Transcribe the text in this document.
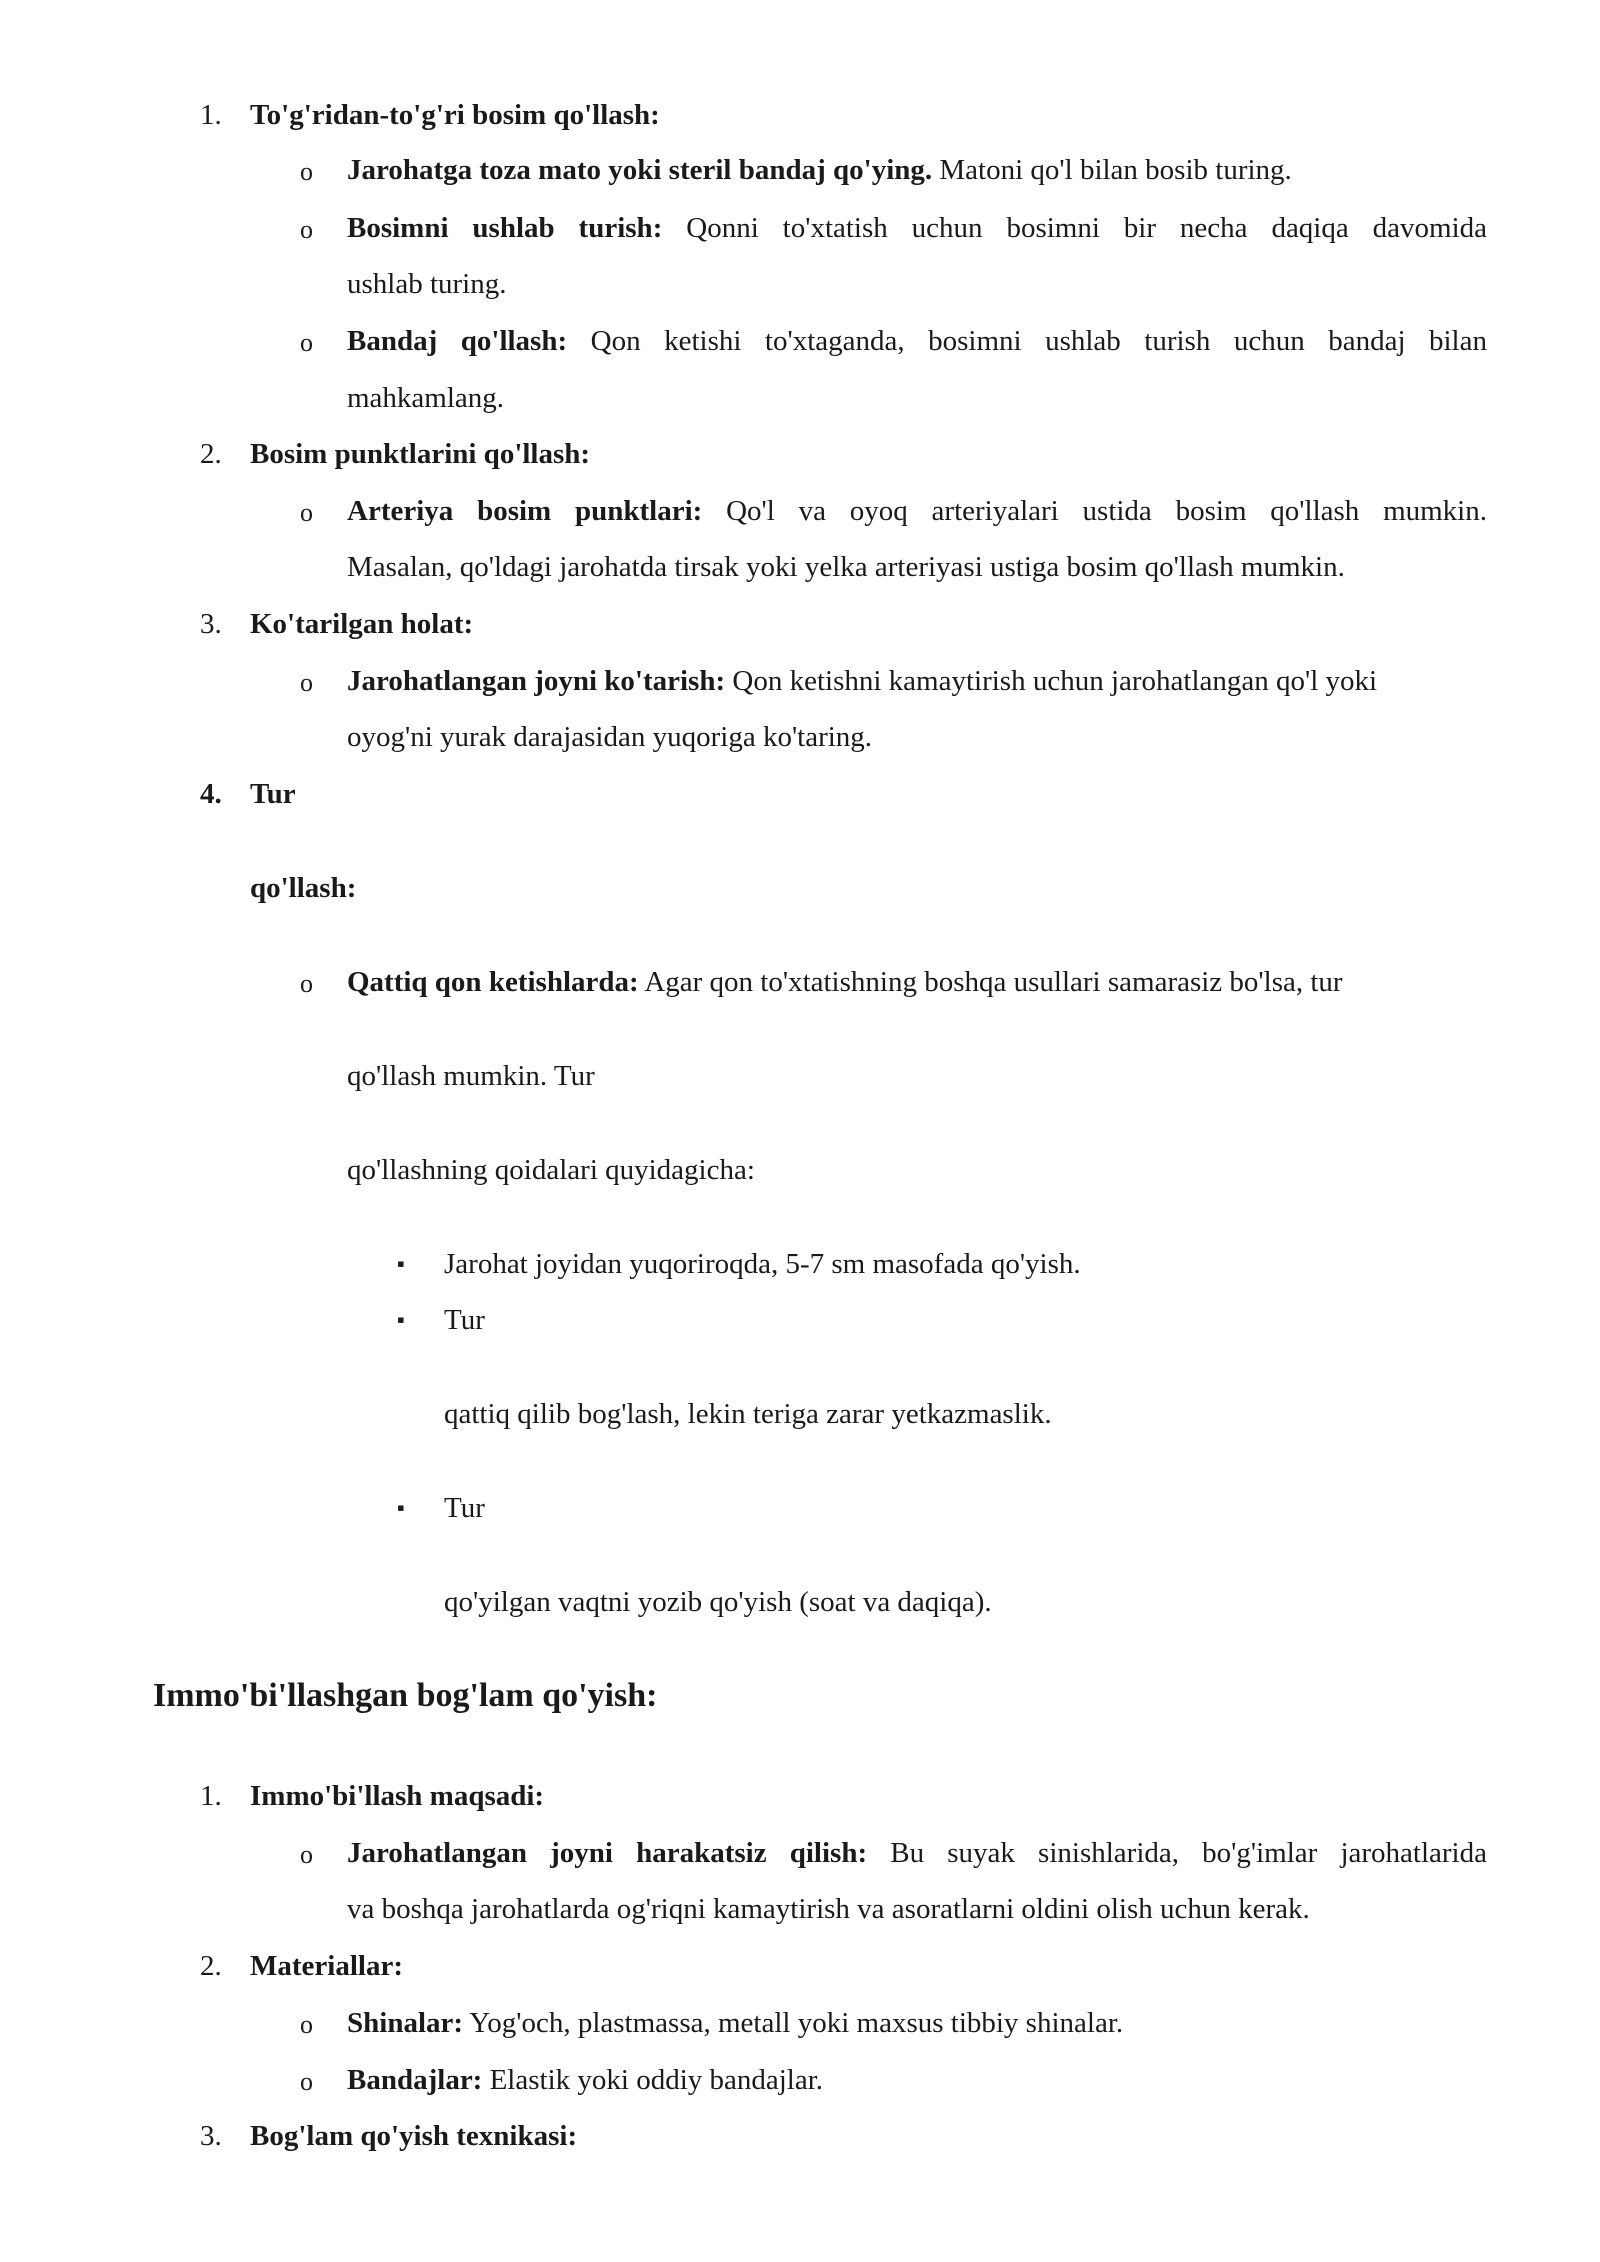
1. To'g'ridan-to'g'ri bosim qo'llash:
o Jarohatga toza mato yoki steril bandaj qo'ying. Matoni qo'l bilan bosib turing.
o Bosimni ushlab turish: Qonni to'xtatish uchun bosimni bir necha daqiqa davomida
ushlab turing.
o Bandaj qo'llash: Qon ketishi to'xtaganda, bosimni ushlab turish uchun bandaj bilan
mahkamlang.
2. Bosim punktlarini qo'llash:
o Arteriya bosim punktlari: Qo'l va oyoq arteriyalari ustida bosim qo'llash mumkin.
Masalan, qo'ldagi jarohatda tirsak yoki yelka arteriyasi ustiga bosim qo'llash mumkin.
3. Ko'tarilgan holat:
o Jarohatlangan joyni ko'tarish: Qon ketishni kamaytirish uchun jarohatlangan qo'l yoki
oyog'ni yurak darajasidan yuqoriga ko'taring.
4. Tur
qo'llash:
o Qattiq qon ketishlarda: Agar qon to'xtatishning boshqa usullari samarasiz bo'lsa, tur
qo'llash mumkin. Tur
qo'llashning qoidalari quyidagicha:
▪ Jarohat joyidan yuqoriroqda, 5-7 sm masofada qo'yish.
▪ Tur
qattiq qilib bog'lash, lekin teriga zarar yetkazmaslik.
▪ Tur
qo'yilgan vaqtni yozib qo'yish (soat va daqiqa).
Immo'bi'llashgan bog'lam qo'yish:
1. Immo'bi'llash maqsadi:
o Jarohatlangan joyni harakatsiz qilish: Bu suyak sinishlarida, bo'g'imlar jarohatlarida
va boshqa jarohatlarda og'riqni kamaytirish va asoratlarni oldini olish uchun kerak.
2. Materiallar:
o Shinalar: Yog'och, plastmassa, metall yoki maxsus tibbiy shinalar.
o Bandajlar: Elastik yoki oddiy bandajlar.
3. Bog'lam qo'yish texnikasi:
